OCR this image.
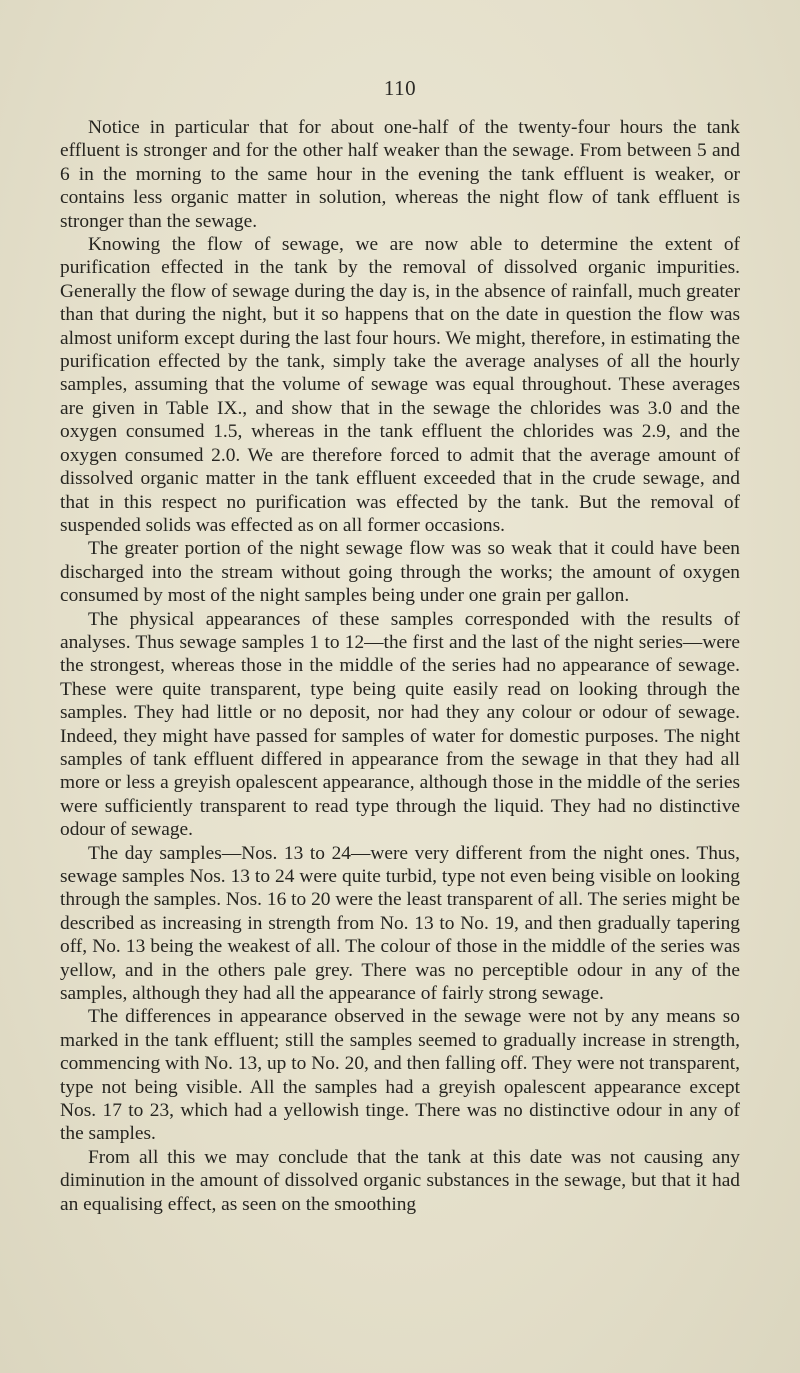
110

Notice in particular that for about one-half of the twenty-four hours the tank effluent is stronger and for the other half weaker than the sewage. From between 5 and 6 in the morning to the same hour in the evening the tank effluent is weaker, or contains less organic matter in solution, whereas the night flow of tank effluent is stronger than the sewage.

Knowing the flow of sewage, we are now able to determine the extent of purification effected in the tank by the removal of dissolved organic impurities. Generally the flow of sewage during the day is, in the absence of rainfall, much greater than that during the night, but it so happens that on the date in question the flow was almost uniform except during the last four hours. We might, therefore, in estimating the purification effected by the tank, simply take the average analyses of all the hourly samples, assuming that the volume of sewage was equal throughout. These averages are given in Table IX., and show that in the sewage the chlorides was 3.0 and the oxygen consumed 1.5, whereas in the tank effluent the chlorides was 2.9, and the oxygen consumed 2.0. We are therefore forced to admit that the average amount of dissolved organic matter in the tank effluent exceeded that in the crude sewage, and that in this respect no purification was effected by the tank. But the removal of suspended solids was effected as on all former occasions.

The greater portion of the night sewage flow was so weak that it could have been discharged into the stream without going through the works; the amount of oxygen consumed by most of the night samples being under one grain per gallon.

The physical appearances of these samples corresponded with the results of analyses. Thus sewage samples 1 to 12—the first and the last of the night series—were the strongest, whereas those in the middle of the series had no appearance of sewage. These were quite transparent, type being quite easily read on looking through the samples. They had little or no deposit, nor had they any colour or odour of sewage. Indeed, they might have passed for samples of water for domestic purposes. The night samples of tank effluent differed in appearance from the sewage in that they had all more or less a greyish opalescent appearance, although those in the middle of the series were sufficiently transparent to read type through the liquid. They had no distinctive odour of sewage.

The day samples—Nos. 13 to 24—were very different from the night ones. Thus, sewage samples Nos. 13 to 24 were quite turbid, type not even being visible on looking through the samples. Nos. 16 to 20 were the least transparent of all. The series might be described as increasing in strength from No. 13 to No. 19, and then gradually tapering off, No. 13 being the weakest of all. The colour of those in the middle of the series was yellow, and in the others pale grey. There was no perceptible odour in any of the samples, although they had all the appearance of fairly strong sewage.

The differences in appearance observed in the sewage were not by any means so marked in the tank effluent; still the samples seemed to gradually increase in strength, commencing with No. 13, up to No. 20, and then falling off. They were not transparent, type not being visible. All the samples had a greyish opalescent appearance except Nos. 17 to 23, which had a yellowish tinge. There was no distinctive odour in any of the samples.

From all this we may conclude that the tank at this date was not causing any diminution in the amount of dissolved organic substances in the sewage, but that it had an equalising effect, as seen on the smoothing
